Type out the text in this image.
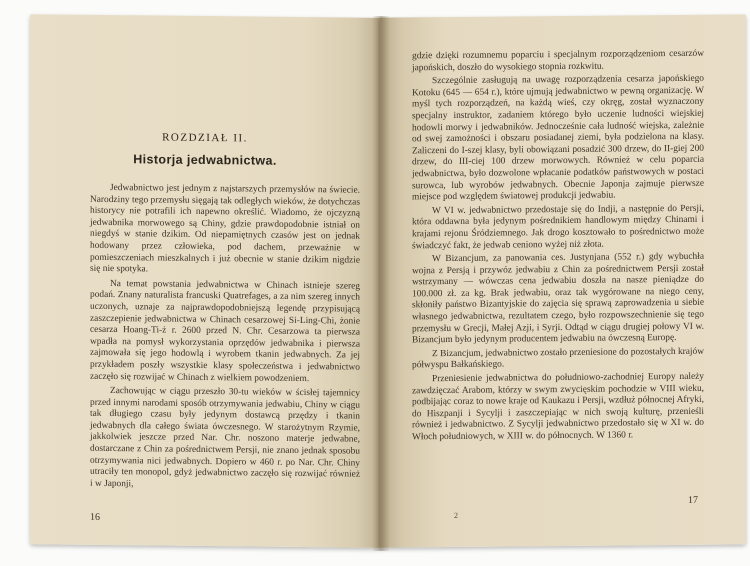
ROZDZIAŁ II.
Historja jedwabnictwa.

Jedwabnictwo jest jednym z najstarszych przemysłów na świecie. Narodziny tego przemysłu sięgają tak odległych wieków, że dotychczas historycy nie potrafili ich napewno określić. Wiadomo, że ojczyzną jedwabnika morwowego są Chiny, gdzie prawdopodobnie istniał on niegdyś w stanie dzikim. Od niepamiętnych czasów jest on jednak hodowany przez człowieka, pod dachem, przeważnie w pomieszczeniach mieszkalnych i już obecnie w stanie dzikim nigdzie się nie spotyka.

Na temat powstania jedwabnictwa w Chinach istnieje szereg podań. Znany naturalista francuski Quatrefages, a za nim szereg innych uczonych, uznaje za najprawdopodobniejszą legendę przypisującą zaszczepienie jedwabnictwa w Chinach cesarzowej Si-Ling-Chi, żonie cesarza Hoang-Ti-ż r. 2600 przed N. Chr. Cesarzowa ta pierwsza wpadła na pomysł wykorzystania oprzędów jedwabnika i pierwsza zajmowała się jego hodowlą i wyrobem tkanin jedwabnych. Za jej przykładem poszły wszystkie klasy społeczeństwa i jedwabnictwo zaczęło się rozwijać w Chinach z wielkiem powodzeniem.

Zachowując w ciągu przeszło 30-tu wieków w ścisłej tajemnicy przed innymi narodami sposób otrzymywania jedwabiu, Chiny w ciągu tak długiego czasu były jedynym dostawcą przędzy i tkanin jedwabnych dla całego świata ówczesnego. W starożytnym Rzymie, jakkolwiek jeszcze przed Nar. Chr. noszono materje jedwabne, dostarczane z Chin za pośrednictwem Persji, nie znano jednak sposobu otrzymywania nici jedwabnych. Dopiero w 460 r. po Nar. Chr. Chiny utraciły ten monopol, gdyż jedwabnictwo zaczęło się rozwijać również i w Japonji,

16

gdzie dzięki rozumnemu poparciu i specjalnym rozporządzeniom cesarzów japońskich, doszło do wysokiego stopnia rozkwitu.

Szczególnie zasługują na uwagę rozporządzenia cesarza japońskiego Kotoku (645 — 654 r.), które ujmują jedwabnictwo w pewną organizację. W myśl tych rozporządzeń, na każdą wieś, czy okręg, został wyznaczony specjalny instruktor, zadaniem którego było uczenie ludności wiejskiej hodowli morwy i jedwabników. Jednocześnie cała ludność wiejska, zależnie od swej zamożności i obszaru posiadanej ziemi, była podzielona na klasy. Zaliczeni do I-szej klasy, byli obowiązani posadzić 300 drzew, do II-giej 200 drzew, do III-ciej 100 drzew morwowych. Również w celu poparcia jedwabnictwa, było dozwolone wpłacanie podatków państwowych w postaci surowca, lub wyrobów jedwabnych. Obecnie Japonja zajmuje pierwsze miejsce pod względem światowej produkcji jedwabiu.

W VI w. jedwabnictwo przedostaje się do Indji, a następnie do Persji, która oddawna była jedynym pośrednikiem handlowym między Chinami i krajami rejonu Śródziemnego. Jak drogo kosztowało to pośrednictwo może świadczyć fakt, że jedwab ceniono wyżej niż złota.

W Bizancjum, za panowania ces. Justynjana (552 r.) gdy wybuchła wojna z Persją i przywóz jedwabiu z Chin za pośrednictwem Persji został wstrzymany — wówczas cena jedwabiu doszła na nasze pieniądze do 100.000 zł. za kg. Brak jedwabiu, oraz tak wygórowane na niego ceny, skłoniły państwo Bizantyjskie do zajęcia się sprawą zaprowadzenia u siebie własnego jedwabnictwa, rezultatem czego, było rozpowszechnienie się tego przemysłu w Grecji, Małej Azji, i Syrji. Odtąd w ciągu drugiej połowy VI w. Bizancjum było jedynym producentem jedwabiu na ówczesną Europę.

Z Bizancjum, jedwabnictwo zostało przeniesione do pozostałych krajów półwyspu Bałkańskiego.

Przeniesienie jedwabnictwa do południowo-zachodniej Europy należy zawdzięczać Arabom, którzy w swym zwycięskim pochodzie w VIII wieku, podbijając coraz to nowe kraje od Kaukazu i Persji, wzdłuż północnej Afryki, do Hiszpanji i Sycylji i zaszczepiając w nich swoją kulturę, przenieśli również i jedwabnictwo. Z Sycylji jedwabnictwo przedostało się w XI w. do Włoch południowych, w XIII w. do północnych. W 1360 r.

2
17
